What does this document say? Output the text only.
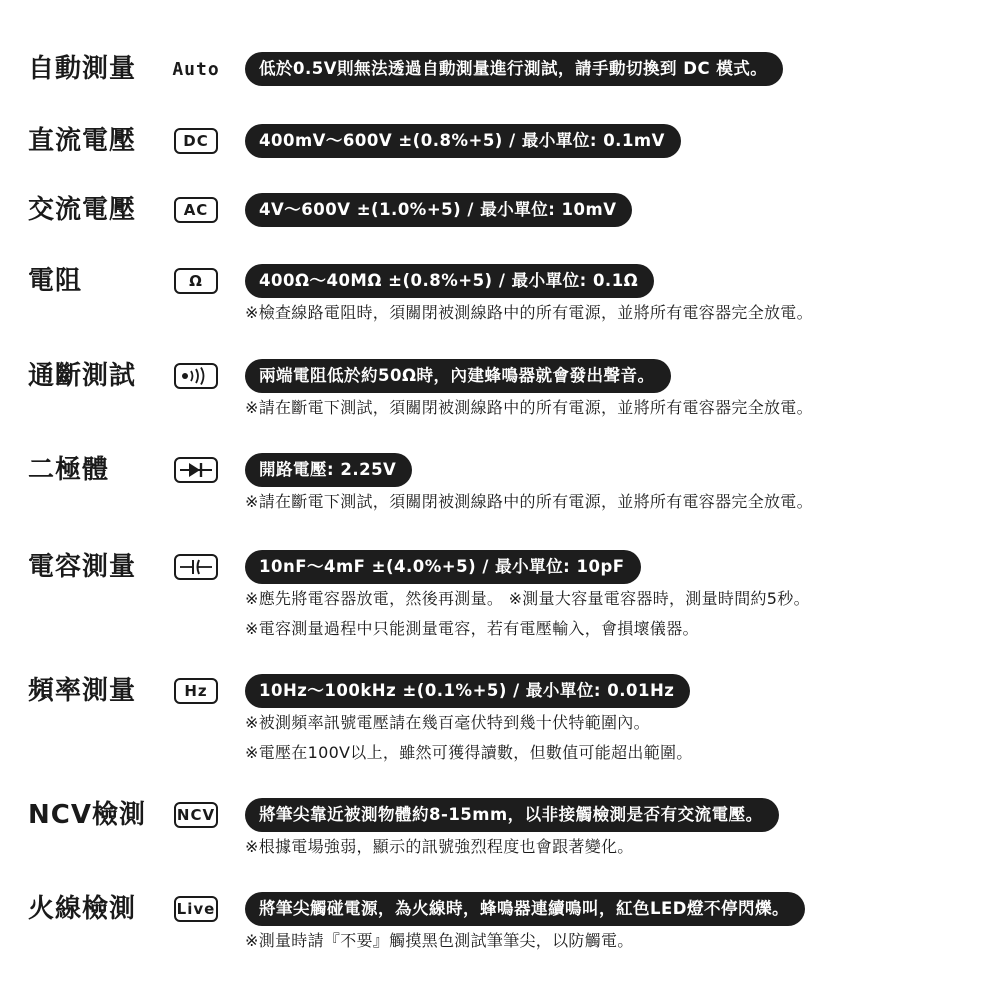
自動測量 Auto	低於0.5V則無法透過自動測量進行測試，請手動切換到 DC 模式。
直流電壓	DC	400mV～600V ±(0.8%+5) / 最小單位: 0.1mV
交流電壓	AC	4V～600V ±(1.0%+5) / 最小單位: 10mV
電阻	Ω	400Ω～40MΩ ±(0.8%+5) / 最小單位: 0.1Ω
※檢查線路電阻時，須關閉被測線路中的所有電源，並將所有電容器完全放電。
通斷測試	兩端電阻低於約50Ω時，內建蜂鳴器就會發出聲音。
※請在斷電下測試，須關閉被測線路中的所有電源，並將所有電容器完全放電。
二極體	開路電壓: 2.25V
※請在斷電下測試，須關閉被測線路中的所有電源，並將所有電容器完全放電。
電容測量	10nF～4mF ±(4.0%+5) / 最小單位: 10pF
※應先將電容器放電，然後再測量。 ※測量大容量電容器時，測量時間約5秒。
※電容測量過程中只能測量電容，若有電壓輸入，會損壞儀器。
頻率測量	Hz	10Hz～100kHz ±(0.1%+5) / 最小單位: 0.01Hz
※被測頻率訊號電壓請在幾百毫伏特到幾十伏特範圍內。
※電壓在100V以上，雖然可獲得讀數，但數值可能超出範圍。
NCV檢測 NCV	將筆尖靠近被測物體約8-15mm，以非接觸檢測是否有交流電壓。
※根據電場強弱，顯示的訊號強烈程度也會跟著變化。
火線檢測	Live	將筆尖觸碰電源，為火線時，蜂鳴器連續鳴叫，紅色LED燈不停閃爍。
※測量時請『不要』觸摸黑色測試筆筆尖，以防觸電。
